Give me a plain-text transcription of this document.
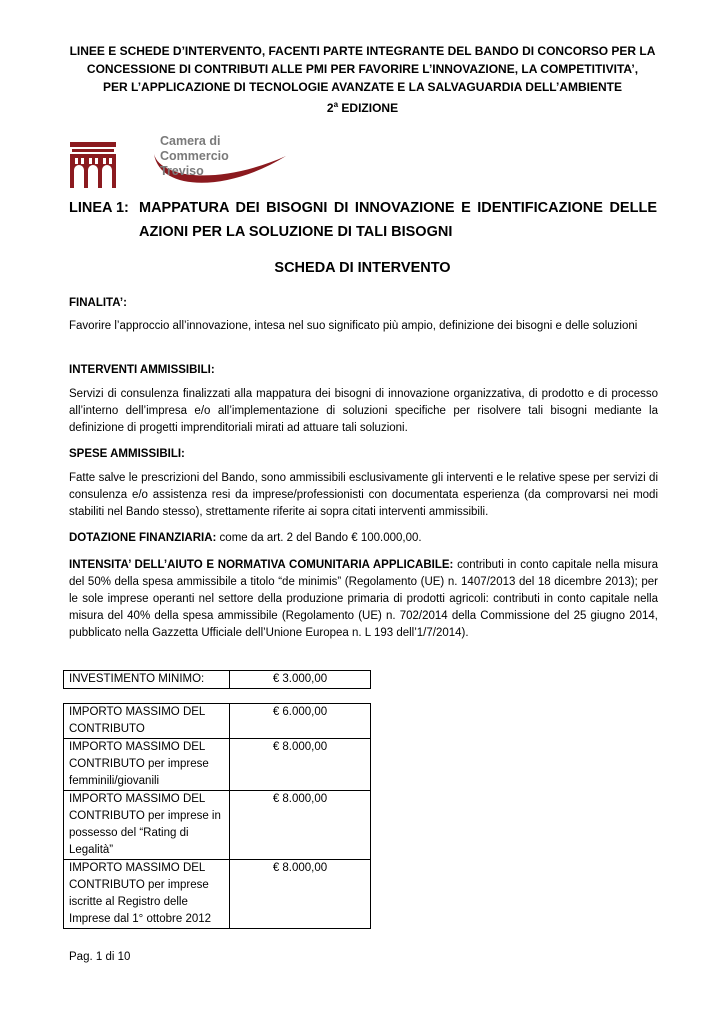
LINEE E SCHEDE D’INTERVENTO, FACENTI PARTE INTEGRANTE DEL BANDO DI CONCORSO PER LA
CONCESSIONE DI CONTRIBUTI ALLE PMI PER FAVORIRE L’INNOVAZIONE, LA COMPETITIVITA’,
PER L’APPLICAZIONE DI TECNOLOGIE AVANZATE E LA SALVAGUARDIA DELL’AMBIENTE
2$^a$ EDIZIONE
Camera di Commercio
Treviso
LINEA 1: MAPPATURA DEI BISOGNI DI INNOVAZIONE E IDENTIFICAZIONE DELLE AZIONI PER LA SOLUZIONE DI TALI BISOGNI
SCHEDA DI INTERVENTO

FINALITA’:

Favorire l’approccio all’innovazione, intesa nel suo significato più ampio, definizione dei bisogni e delle soluzioni

INTERVENTI AMMISSIBILI:

Servizi di consulenza finalizzati alla mappatura dei bisogni di innovazione organizzativa, di prodotto e di processo all’interno dell’impresa e/o all’implementazione di soluzioni specifiche per risolvere tali bisogni mediante la definizione di progetti imprenditoriali mirati ad attuare tali soluzioni.

SPESE AMMISSIBILI:

Fatte salve le prescrizioni del Bando, sono ammissibili esclusivamente gli interventi e le relative spese per servizi di consulenza e/o assistenza resi da imprese/professionisti con documentata esperienza (da comprovarsi nei modi stabiliti nel Bando stesso), strettamente riferite ai sopra citati interventi ammissibili.

DOTAZIONE FINANZIARIA: come da art. 2 del Bando € 100.000,00.

INTENSITA’ DELL’AIUTO E NORMATIVA COMUNITARIA APPLICABILE: contributi in conto capitale nella misura del 50% della spesa ammissibile a titolo “de minimis” (Regolamento (UE) n. 1407/2013 del 18 dicembre 2013); per le sole imprese operanti nel settore della produzione primaria di prodotti agricoli: contributi in conto capitale nella misura del 40% della spesa ammissibile (Regolamento (UE) n. 702/2014 della Commissione del 25 giugno 2014, pubblicato nella Gazzetta Ufficiale dell’Unione Europea n. L 193 dell’1/7/2014).

INVESTIMENTO MINIMO:	€ 3.000,00
IMPORTO MASSIMO DEL CONTRIBUTO	€ 6.000,00
IMPORTO MASSIMO DEL CONTRIBUTO per imprese femminili/giovanili	€ 8.000,00
IMPORTO MASSIMO DEL CONTRIBUTO per imprese in possesso del “Rating di Legalità”	€ 8.000,00
IMPORTO MASSIMO DEL CONTRIBUTO per imprese iscritte al Registro delle Imprese dal 1° ottobre 2012	€ 8.000,00
Pag. 1 di 10
